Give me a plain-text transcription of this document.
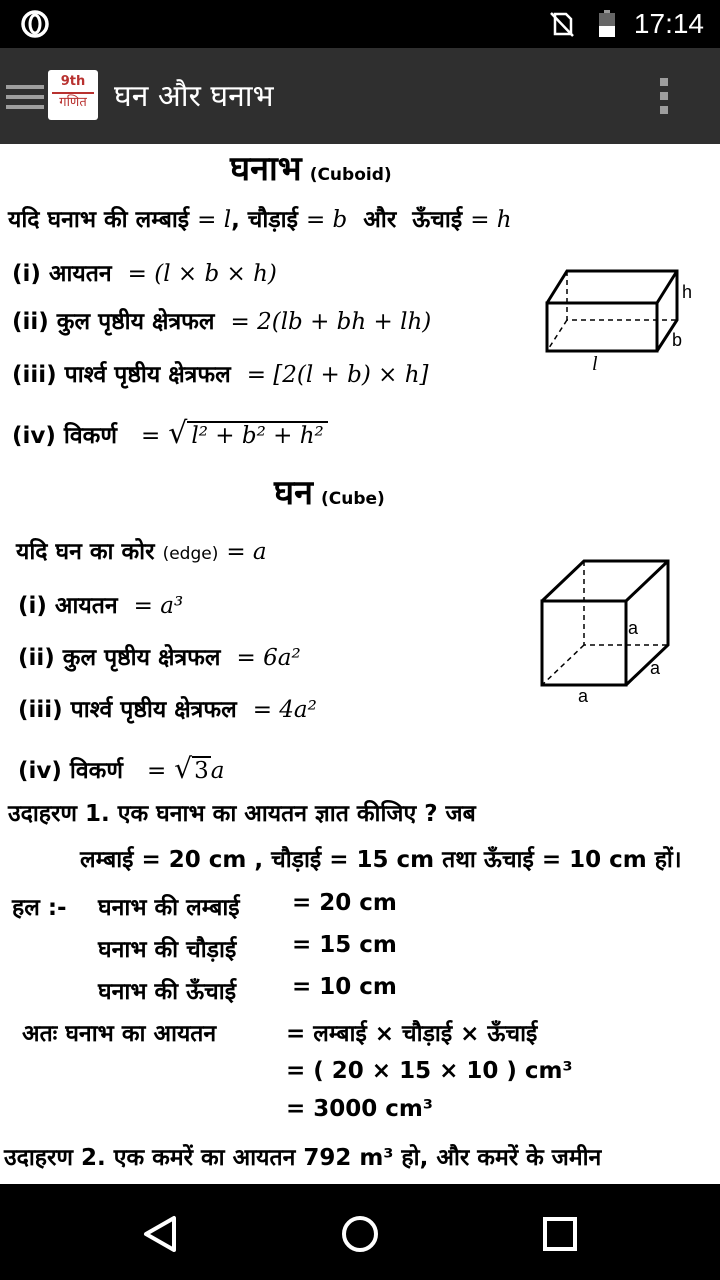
17:14
9th
गणित घन और घनाभ
घनाभ (Cuboid)
यदि घनाभ की लम्बाई = l, चौड़ाई = b और ऊँचाई = h
(i) आयतन = (l × b × h)
(ii) कुल पृष्ठीय क्षेत्रफल = 2(lb + bh + lh)
(iii) पार्श्व पृष्ठीय क्षेत्रफल = [2(l + b) × h]
(iv) विकर्ण = √ l² + b² + h²
h
b
l
घन (Cube)
यदि घन का कोर (edge) = a
(i) आयतन = a³
(ii) कुल पृष्ठीय क्षेत्रफल = 6a²
(iii) पार्श्व पृष्ठीय क्षेत्रफल = 4a²
(iv) विकर्ण = √3a
a
a
a
उदाहरण 1. एक घनाभ का आयतन ज्ञात कीजिए ? जब
लम्बाई = 20 cm , चौड़ाई = 15 cm तथा ऊँचाई = 10 cm हों।
हल :- घनाभ की लम्बाई = 20 cm
घनाभ की चौड़ाई = 15 cm
घनाभ की ऊँचाई = 10 cm
अतः घनाभ का आयतन	= लम्बाई × चौड़ाई × ऊँचाई
= ( 20 × 15 × 10 ) cm³
= 3000 cm³
उदाहरण 2. एक कमरें का आयतन 792 m³ हो, और कमरें के जमीन
